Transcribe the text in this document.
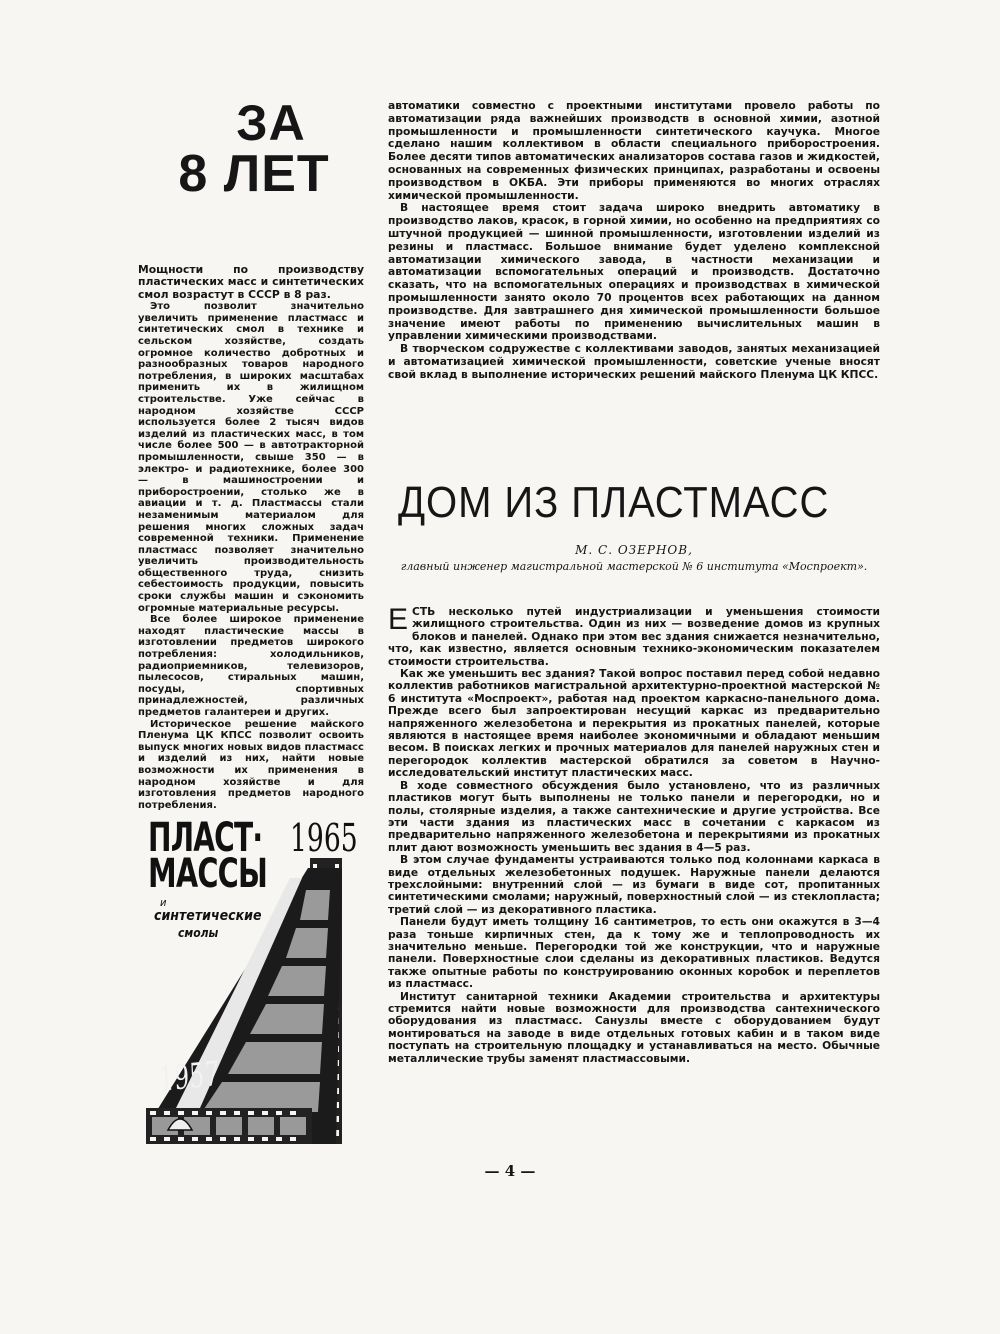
ЗА
8 ЛЕТ
Мощности по производству пластических масс и синтетических смол возрастут в СССР в 8 раз.

Это позволит значительно увеличить применение пластмасс и синтетических смол в технике и сельском хозяйстве, создать огромное количество добротных и разнообразных товаров народного потребления, в широких масштабах применить их в жилищном строительстве. Уже сейчас в народном хозяйстве СССР используется более 2 тысяч видов изделий из пластических масс, в том числе более 500 — в автотракторной промышленности, свыше 350 — в электро- и радиотехнике, более 300 — в машиностроении и приборостроении, столько же в авиации и т. д. Пластмассы стали незаменимым материалом для решения многих сложных задач современной техники. Применение пластмасс позволяет значительно увеличить производительность общественного труда, снизить себестоимость продукции, повысить сроки службы машин и сэкономить огромные материальные ресурсы.

Все более широкое применение находят пластические массы в изготовлении предметов широкого потребления: холодильников, радиоприемников, телевизоров, пылесосов, стиральных машин, посуды, спортивных принадлежностей, различных предметов галантереи и других.

Историческое решение майского Пленума ЦК КПСС позволит освоить выпуск многих новых видов пластмасс и изделий из них, найти новые возможности их применения в народном хозяйстве и для изготовления предметов народного потребления.

ПЛАСТ· 1965
МАССЫ
и
синтетические
смолы
1957

автоматики совместно с проектными институтами провело работы по автоматизации ряда важнейших производств в основной химии, азотной промышленности и промышленности синтетического каучука. Многое сделано нашим коллективом в области специального приборостроения. Более десяти типов автоматических анализаторов состава газов и жидкостей, основанных на современных физических принципах, разработаны и освоены производством в ОКБА. Эти приборы применяются во многих отраслях химической промышленности.

В настоящее время стоит задача широко внедрить автоматику в производство лаков, красок, в горной химии, но особенно на предприятиях со штучной продукцией — шинной промышленности, изготовлении изделий из резины и пластмасс. Большое внимание будет уделено комплексной автоматизации химического завода, в частности механизации и автоматизации вспомогательных операций и производств. Достаточно сказать, что на вспомогательных операциях и производствах в химической промышленности занято около 70 процентов всех работающих на данном производстве. Для завтрашнего дня химической промышленности большое значение имеют работы по применению вычислительных машин в управлении химическими производствами.

В творческом содружестве с коллективами заводов, занятых механизацией и автоматизацией химической промышленности, советские ученые вносят свой вклад в выполнение исторических решений майского Пленума ЦК КПСС.

ДОМ ИЗ ПЛАСТМАСС
М. С. ОЗЕРНОВ,
главный инженер магистральной мастерской № 6 института «Моспроект».

ЕСТЬ несколько путей индустриализации и уменьшения стоимости жилищного строительства. Один из них — возведение домов из крупных блоков и панелей. Однако при этом вес здания снижается незначительно, что, как известно, является основным технико-экономическим показателем стоимости строительства.

Как же уменьшить вес здания? Такой вопрос поставил перед собой недавно коллектив работников магистральной архитектурно-проектной мастерской № 6 института «Моспроект», работая над проектом каркасно-панельного дома. Прежде всего был запроектирован несущий каркас из предварительно напряженного железобетона и перекрытия из прокатных панелей, которые являются в настоящее время наиболее экономичными и обладают меньшим весом. В поисках легких и прочных материалов для панелей наружных стен и перегородок коллектив мастерской обратился за советом в Научно-исследовательский институт пластических масс.

В ходе совместного обсуждения было установлено, что из различных пластиков могут быть выполнены не только панели и перегородки, но и полы, столярные изделия, а также сантехнические и другие устройства. Все эти части здания из пластических масс в сочетании с каркасом из предварительно напряженного железобетона и перекрытиями из прокатных плит дают возможность уменьшить вес здания в 4—5 раз.

В этом случае фундаменты устраиваются только под колоннами каркаса в виде отдельных железобетонных подушек. Наружные панели делаются трехслойными: внутренний слой — из бумаги в виде сот, пропитанных синтетическими смолами; наружный, поверхностный слой — из стеклопласта; третий слой — из декоративного пластика.

Панели будут иметь толщину 16 сантиметров, то есть они окажутся в 3—4 раза тоньше кирпичных стен, да к тому же и теплопроводность их значительно меньше. Перегородки той же конструкции, что и наружные панели. Поверхностные слои сделаны из декоративных пластиков. Ведутся также опытные работы по конструированию оконных коробок и переплетов из пластмасс.

Институт санитарной техники Академии строительства и архитектуры стремится найти новые возможности для производства сантехнического оборудования из пластмасс. Санузлы вместе с оборудованием будут монтироваться на заводе в виде отдельных готовых кабин и в таком виде поступать на строительную площадку и устанавливаться на место. Обычные металлические трубы заменят пластмассовыми.

— 4 —
